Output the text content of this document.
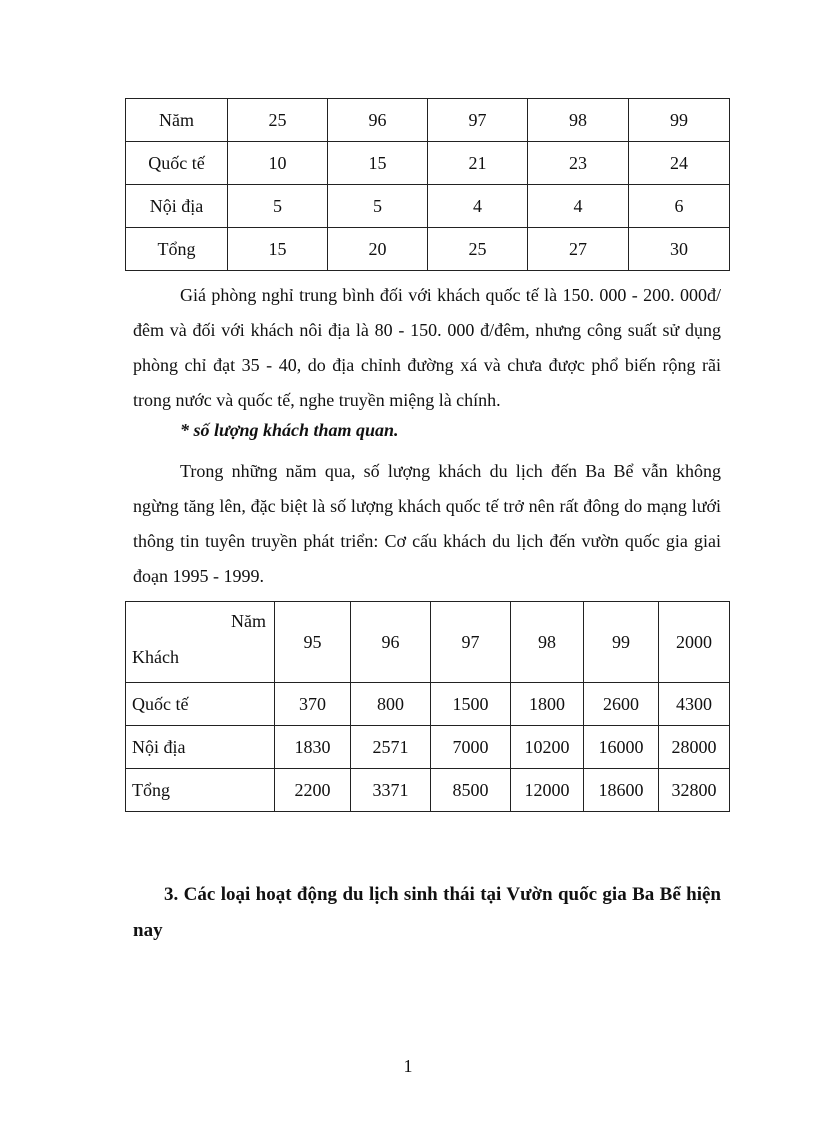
Năm	25	96	97	98	99
Quốc tế	10	15	21	23	24
Nội địa	5	5	4	4	6
Tổng	15	20	25	27	30

Giá phòng nghỉ trung bình đối với khách quốc tế là 150. 000 - 200. 000đ/đêm và đối với khách nôi địa là 80 - 150. 000 đ/đêm, nhưng công suất sử dụng phòng chỉ đạt 35 - 40, do địa chỉnh đường xá và chưa được phổ biến rộng rãi trong nước và quốc tế, nghe truyền miệng là chính.

* số lượng khách tham quan.

Trong những năm qua, số lượng khách du lịch đến Ba Bể vẫn không ngừng tăng lên, đặc biệt là số lượng khách quốc tế trở nên rất đông do mạng lưới thông tin tuyên truyền phát triển: Cơ cấu khách du lịch đến vườn quốc gia giai đoạn 1995 - 1999.

Năm
Khách	95	96	97	98	99	2000
Quốc tế	370	800	1500	1800	2600	4300
Nội địa	1830	2571	7000	10200	16000	28000
Tổng	2200	3371	8500	12000	18600	32800

3. Các loại hoạt động du lịch sinh thái tại Vườn quốc gia Ba Bể hiện nay

1
